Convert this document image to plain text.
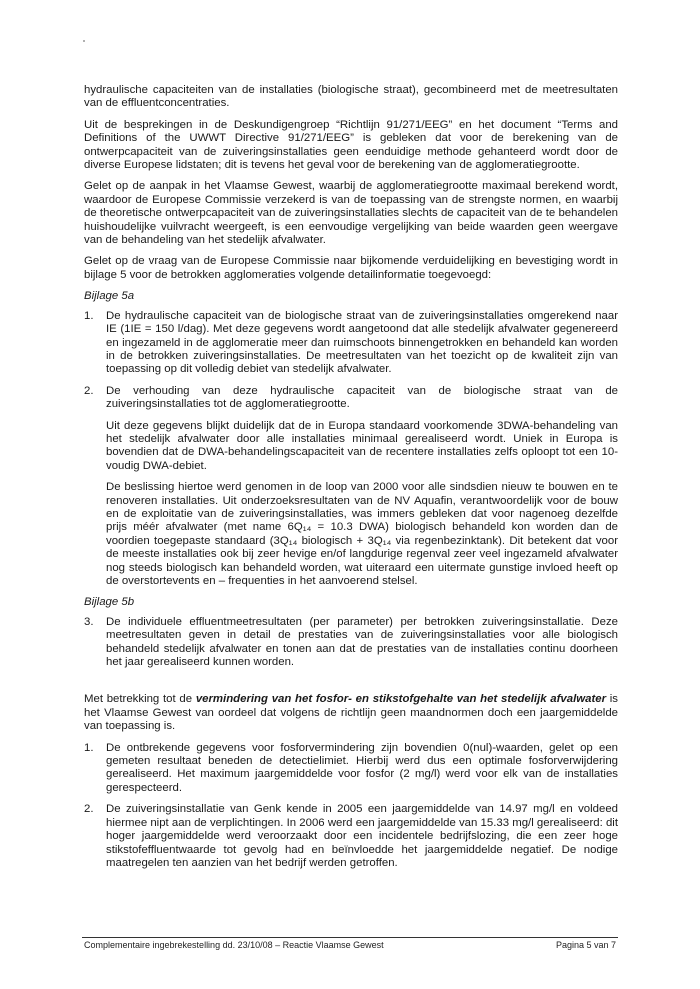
hydraulische capaciteiten van de installaties (biologische straat), gecombineerd met de meetresultaten van de effluentconcentraties.

Uit de besprekingen in de Deskundigengroep “Richtlijn 91/271/EEG” en het document “Terms and Definitions of the UWWT Directive 91/271/EEG” is gebleken dat voor de berekening van de ontwerpcapaciteit van de zuiveringsinstallaties geen eenduidige methode gehanteerd wordt door de diverse Europese lidstaten; dit is tevens het geval voor de berekening van de agglomeratiegrootte.

Gelet op de aanpak in het Vlaamse Gewest, waarbij de agglomeratiegrootte maximaal berekend wordt, waardoor de Europese Commissie verzekerd is van de toepassing van de strengste normen, en waarbij de theoretische ontwerpcapaciteit van de zuiveringsinstallaties slechts de capaciteit van de te behandelen huishoudelijke vuilvracht weergeeft, is een eenvoudige vergelijking van beide waarden geen weergave van de behandeling van het stedelijk afvalwater.

Gelet op de vraag van de Europese Commissie naar bijkomende verduidelijking en bevestiging wordt in bijlage 5 voor de betrokken agglomeraties volgende detailinformatie toegevoegd:

Bijlage 5a
1.	De hydraulische capaciteit van de biologische straat van de zuiveringsinstallaties omgerekend naar IE (1IE = 150 l/dag). Met deze gegevens wordt aangetoond dat alle stedelijk afvalwater gegenereerd en ingezameld in de agglomeratie meer dan ruimschoots binnengetrokken en behandeld kan worden in de betrokken zuiveringsinstallaties. De meetresultaten van het toezicht op de kwaliteit zijn van toepassing op dit volledig debiet van stedelijk afvalwater.

2.	De verhouding van deze hydraulische capaciteit van de biologische straat van de zuiveringsinstallaties tot de agglomeratiegrootte.

Uit deze gegevens blijkt duidelijk dat de in Europa standaard voorkomende 3DWA-behandeling van het stedelijk afvalwater door alle installaties minimaal gerealiseerd wordt. Uniek in Europa is bovendien dat de DWA-behandelingscapaciteit van de recentere installaties zelfs oploopt tot een 10-voudig DWA-debiet.

De beslissing hiertoe werd genomen in de loop van 2000 voor alle sindsdien nieuw te bouwen en te renoveren installaties. Uit onderzoeksresultaten van de NV Aquafin, verantwoordelijk voor de bouw en de exploitatie van de zuiveringsinstallaties, was immers gebleken dat voor nagenoeg dezelfde prijs méér afvalwater (met name 6Q₁₄ = 10.3 DWA) biologisch behandeld kon worden dan de voordien toegepaste standaard (3Q₁₄ biologisch + 3Q₁₄ via regenbezinktank). Dit betekent dat voor de meeste installaties ook bij zeer hevige en/of langdurige regenval zeer veel ingezameld afvalwater nog steeds biologisch kan behandeld worden, wat uiteraard een uitermate gunstige invloed heeft op de overstortevents en – frequenties in het aanvoerend stelsel.

Bijlage 5b
3.	De individuele effluentmeetresultaten (per parameter) per betrokken zuiveringsinstallatie. Deze meetresultaten geven in detail de prestaties van de zuiveringsinstallaties voor alle biologisch behandeld stedelijk afvalwater en tonen aan dat de prestaties van de installaties continu doorheen het jaar gerealiseerd kunnen worden.

Met betrekking tot de vermindering van het fosfor- en stikstofgehalte van het stedelijk afvalwater is het Vlaamse Gewest van oordeel dat volgens de richtlijn geen maandnormen doch een jaargemiddelde van toepassing is.

1.	De ontbrekende gegevens voor fosforvermindering zijn bovendien 0(nul)-waarden, gelet op een gemeten resultaat beneden de detectielimiet. Hierbij werd dus een optimale fosforverwijdering gerealiseerd. Het maximum jaargemiddelde voor fosfor (2 mg/l) werd voor elk van de installaties gerespecteerd.

2.	De zuiveringsinstallatie van Genk kende in 2005 een jaargemiddelde van 14.97 mg/l en voldeed hiermee nipt aan de verplichtingen. In 2006 werd een jaargemiddelde van 15.33 mg/l gerealiseerd: dit hoger jaargemiddelde werd veroorzaakt door een incidentele bedrijfslozing, die een zeer hoge stikstofeffluentwaarde tot gevolg had en beïnvloedde het jaargemiddelde negatief. De nodige maatregelen ten aanzien van het bedrijf werden getroffen.

Complementaire ingebrekestelling dd. 23/10/08 – Reactie Vlaamse Gewest	Pagina 5 van 7
